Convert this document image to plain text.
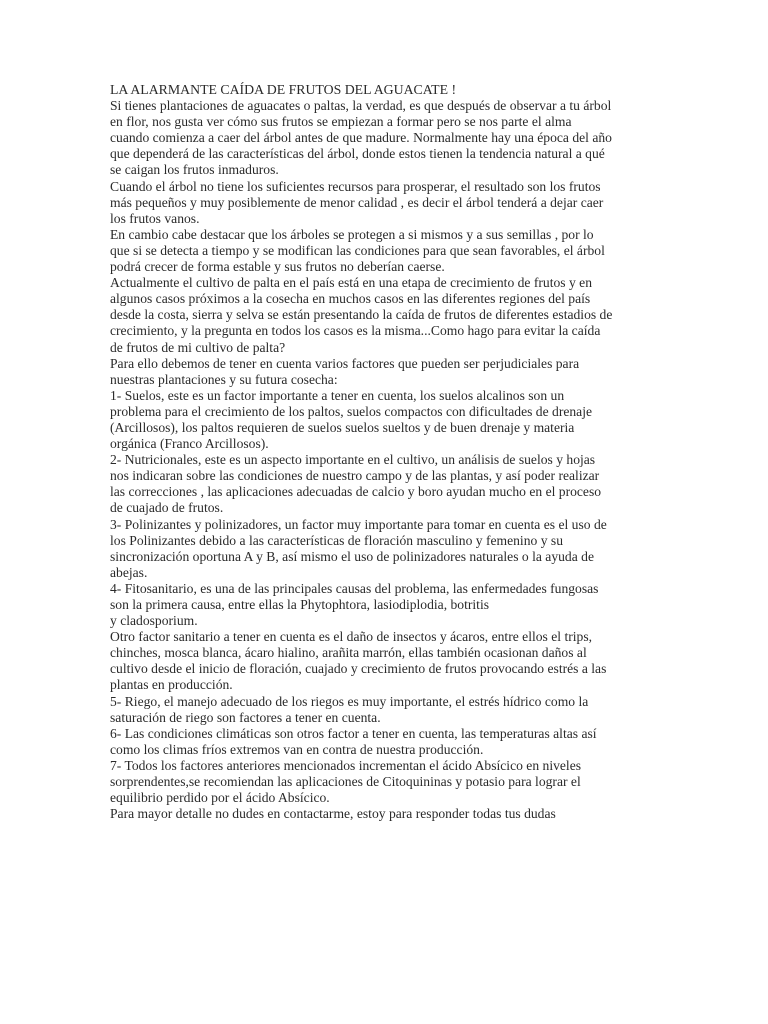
LA ALARMANTE CAÍDA DE FRUTOS DEL AGUACATE !
Si tienes plantaciones de aguacates o paltas, la verdad, es que después de observar a tu árbol
en flor, nos gusta ver cómo sus frutos se empiezan a formar pero se nos parte el alma
cuando comienza a caer del árbol antes de que madure. Normalmente hay una época del año
que dependerá de las características del árbol, donde estos tienen la tendencia natural a qué
se caigan los frutos inmaduros.
Cuando el árbol no tiene los suficientes recursos para prosperar, el resultado son los frutos
más pequeños y muy posiblemente de menor calidad , es decir el árbol tenderá a dejar caer
los frutos vanos.
En cambio cabe destacar que los árboles se protegen a si mismos y a sus semillas , por lo
que si se detecta a tiempo y se modifican las condiciones para que sean favorables, el árbol
podrá crecer de forma estable y sus frutos no deberían caerse.
Actualmente el cultivo de palta en el país está en una etapa de crecimiento de frutos y en
algunos casos próximos a la cosecha en muchos casos en las diferentes regiones del país
desde la costa, sierra y selva se están presentando la caída de frutos de diferentes estadios de
crecimiento, y la pregunta en todos los casos es la misma...Como hago para evitar la caída
de frutos de mi cultivo de palta?
Para ello debemos de tener en cuenta varios factores que pueden ser perjudiciales para
nuestras plantaciones y su futura cosecha:
1- Suelos, este es un factor importante a tener en cuenta, los suelos alcalinos son un
problema para el crecimiento de los paltos, suelos compactos con dificultades de drenaje
(Arcillosos), los paltos requieren de suelos suelos sueltos y de buen drenaje y materia
orgánica (Franco Arcillosos).
2- Nutricionales, este es un aspecto importante en el cultivo, un análisis de suelos y hojas
nos indicaran sobre las condiciones de nuestro campo y de las plantas, y así poder realizar
las correcciones , las aplicaciones adecuadas de calcio y boro ayudan mucho en el proceso
de cuajado de frutos.
3- Polinizantes y polinizadores, un factor muy importante para tomar en cuenta es el uso de
los Polinizantes debido a las características de floración masculino y femenino y su
sincronización oportuna A y B, así mismo el uso de polinizadores naturales o la ayuda de
abejas.
4- Fitosanitario, es una de las principales causas del problema, las enfermedades fungosas
son la primera causa, entre ellas la Phytophtora, lasiodiplodia, botritis
y cladosporium.
Otro factor sanitario a tener en cuenta es el daño de insectos y ácaros, entre ellos el trips,
chinches, mosca blanca, ácaro hialino, arañita marrón, ellas también ocasionan daños al
cultivo desde el inicio de floración, cuajado y crecimiento de frutos provocando estrés a las
plantas en producción.
5- Riego, el manejo adecuado de los riegos es muy importante, el estrés hídrico como la
saturación de riego son factores a tener en cuenta.
6- Las condiciones climáticas son otros factor a tener en cuenta, las temperaturas altas así
como los climas fríos extremos van en contra de nuestra producción.
7- Todos los factores anteriores mencionados incrementan el ácido Absícico en niveles
sorprendentes,se recomiendan las aplicaciones de Citoquininas y potasio para lograr el
equilibrio perdido por el ácido Absícico.
Para mayor detalle no dudes en contactarme, estoy para responder todas tus dudas
